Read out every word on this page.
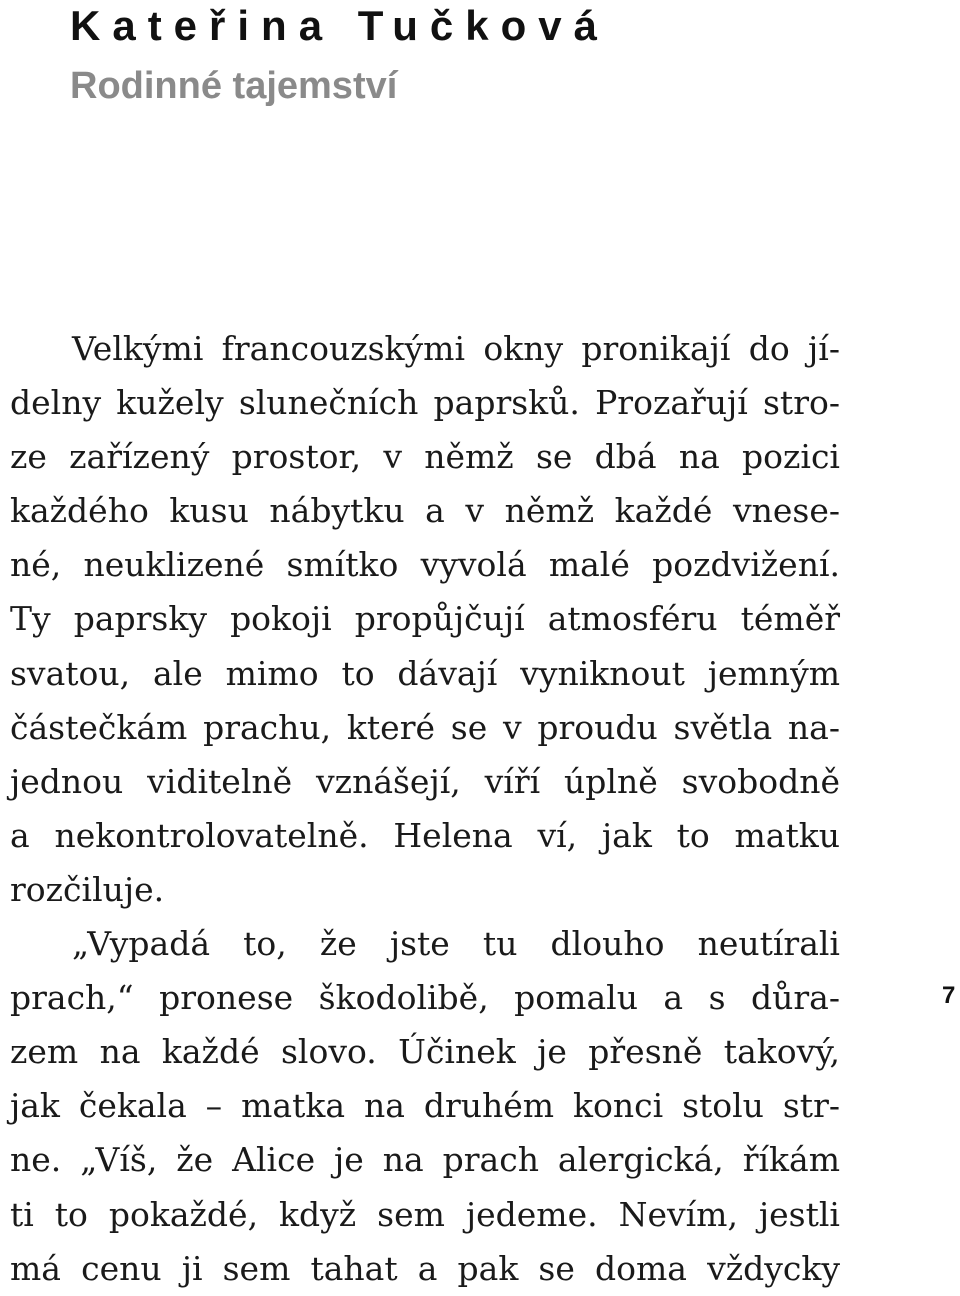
Kateřina Tučková
Rodinné tajemství
Velkými francouzskými okny pronikají do jí-
delny kužely slunečních paprsků. Prozařují stro-
ze zařízený prostor, v němž se dbá na pozici
každého kusu nábytku a v němž každé vnese-
né, neuklizené smítko vyvolá malé pozdvižení.
Ty paprsky pokoji propůjčují atmosféru téměř
svatou, ale mimo to dávají vyniknout jemným
částečkám prachu, které se v proudu světla na-
jednou viditelně vznášejí, víří úplně svobodně
a nekontrolovatelně. Helena ví, jak to matku
rozčiluje.
„Vypadá to, že jste tu dlouho neutírali
prach,“ pronese škodolibě, pomalu a s důra-
zem na každé slovo. Účinek je přesně takový,
jak čekala – matka na druhém konci stolu str-
ne. „Víš, že Alice je na prach alergická, říkám
ti to pokaždé, když sem jedeme. Nevím, jestli
má cenu ji sem tahat a pak se doma vždycky
7
